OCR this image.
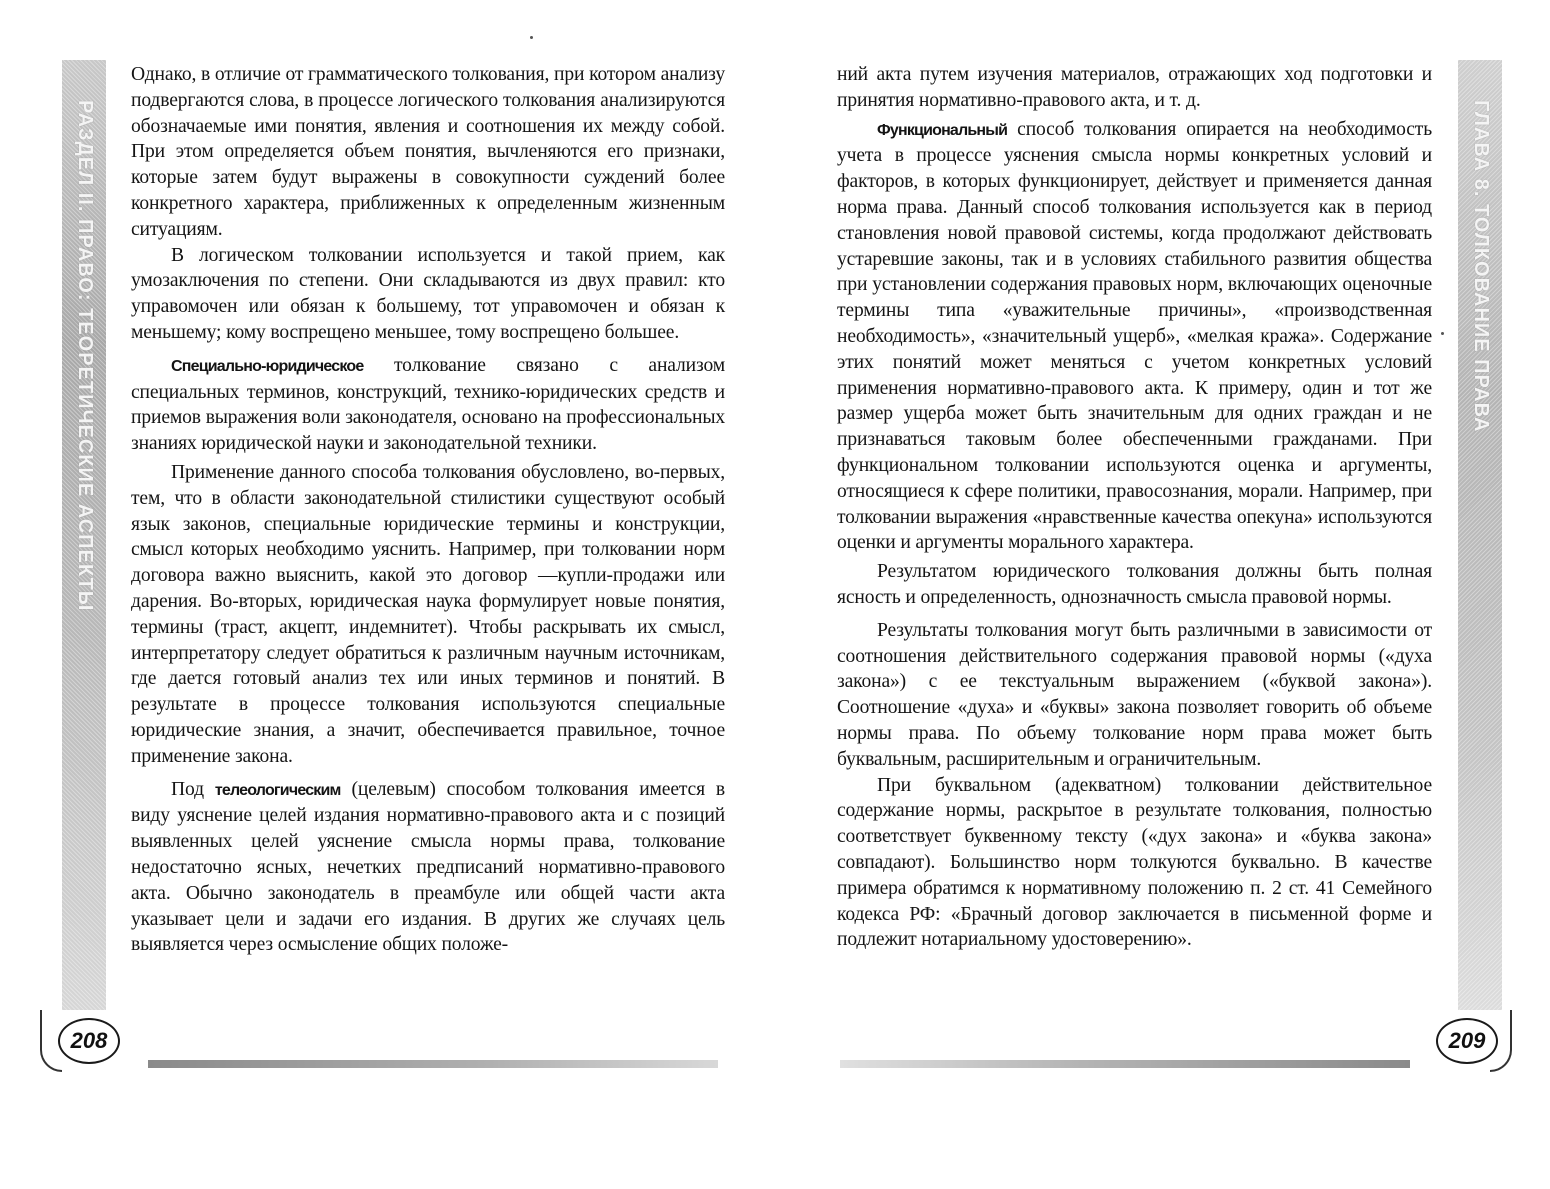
РАЗДЕЛ II. ПРАВО: ТЕОРЕТИЧЕСКИЕ АСПЕКТЫ

Однако, в отличие от грамматического толкования, при котором анализу подвергаются слова, в процессе логического толкования анализируются обозначаемые ими понятия, явления и соотношения их между собой. При этом определяется объем понятия, вычленяются его признаки, которые затем будут выражены в совокупности суждений более конкретного характера, приближенных к определенным жизненным ситуациям.

В логическом толковании используется и такой прием, как умозаключения по степени. Они складываются из двух правил: кто управомочен или обязан к большему, тот управомочен и обязан к меньшему; кому воспрещено меньшее, тому воспрещено большее.

Специально-юридическое толкование связано с анализом специальных терминов, конструкций, технико-юридических средств и приемов выражения воли законодателя, основано на профессиональных знаниях юридической науки и законодательной техники.

Применение данного способа толкования обусловлено, во-первых, тем, что в области законодательной стилистики существуют особый язык законов, специальные юридические термины и конструкции, смысл которых необходимо уяснить. Например, при толковании норм договора важно выяснить, какой это договор —купли-продажи или дарения. Во-вторых, юридическая наука формулирует новые понятия, термины (траст, акцепт, индемнитет). Чтобы раскрывать их смысл, интерпретатору следует обратиться к различным научным источникам, где дается готовый анализ тех или иных терминов и понятий. В результате в процессе толкования используются специальные юридические знания, а значит, обеспечивается правильное, точное применение закона.

Под телеологическим (целевым) способом толкования имеется в виду уяснение целей издания нормативно-правового акта и с позиций выявленных целей уяснение смысла нормы права, толкование недостаточно ясных, нечетких предписаний нормативно-правового акта. Обычно законодатель в преамбуле или общей части акта указывает цели и задачи его издания. В других же случаях цель выявляется через осмысление общих положе-

208
ГЛАВА 8. ТОЛКОВАНИЕ ПРАВА

ний акта путем изучения материалов, отражающих ход подготовки и принятия нормативно-правового акта, и т. д.

Функциональный способ толкования опирается на необходимость учета в процессе уяснения смысла нормы конкретных условий и факторов, в которых функционирует, действует и применяется данная норма права. Данный способ толкования используется как в период становления новой правовой системы, когда продолжают действовать устаревшие законы, так и в условиях стабильного развития общества при установлении содержания правовых норм, включающих оценочные термины типа «уважительные причины», «производственная необходимость», «значительный ущерб», «мелкая кража». Содержание этих понятий может меняться с учетом конкретных условий применения нормативно-правового акта. К примеру, один и тот же размер ущерба может быть значительным для одних граждан и не признаваться таковым более обеспеченными гражданами. При функциональном толковании используются оценка и аргументы, относящиеся к сфере политики, правосознания, морали. Например, при толковании выражения «нравственные качества опекуна» используются оценки и аргументы морального характера.

Результатом юридического толкования должны быть полная ясность и определенность, однозначность смысла правовой нормы.

Результаты толкования могут быть различными в зависимости от соотношения действительного содержания правовой нормы («духа закона») с ее текстуальным выражением («буквой закона»). Соотношение «духа» и «буквы» закона позволяет говорить об объеме нормы права. По объему толкование норм права может быть буквальным, расширительным и ограничительным.

При буквальном (адекватном) толковании действительное содержание нормы, раскрытое в результате толкования, полностью соответствует буквенному тексту («дух закона» и «буква закона» совпадают). Большинство норм толкуются буквально. В качестве примера обратимся к нормативному положению п. 2 ст. 41 Семейного кодекса РФ: «Брачный договор заключается в письменной форме и подлежит нотариальному удостоверению».

209
